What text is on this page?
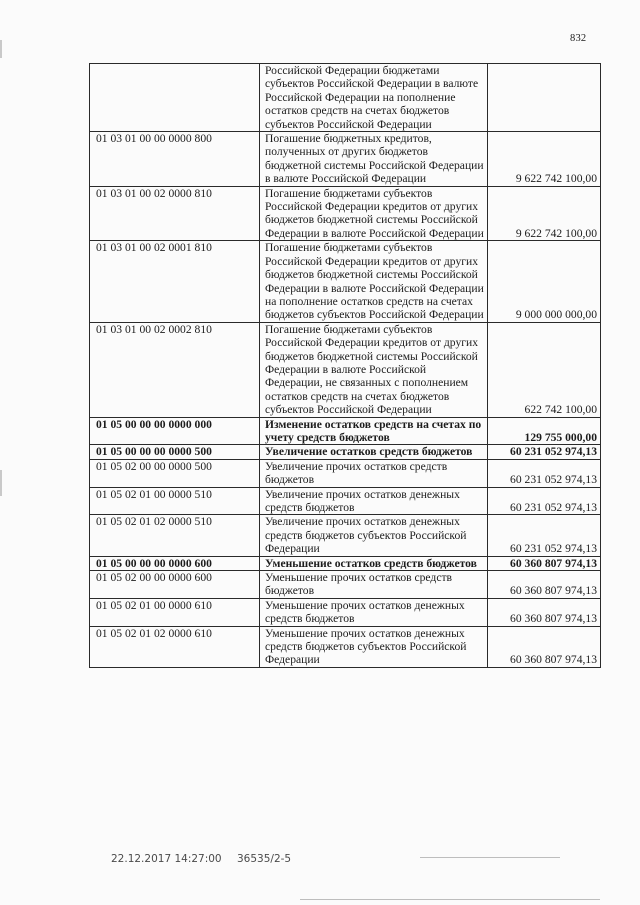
832
	Российской Федерации бюджетами субъектов Российской Федерации в валюте Российской Федерации на пополнение остатков средств на счетах бюджетов субъектов Российской Федерации	
01 03 01 00 00 0000 800	Погашение бюджетных кредитов, полученных от других бюджетов бюджетной системы Российской Федерации в валюте Российской Федерации	9 622 742 100,00
01 03 01 00 02 0000 810	Погашение бюджетами субъектов Российской Федерации кредитов от других бюджетов бюджетной системы Российской Федерации в валюте Российской Федерации	9 622 742 100,00
01 03 01 00 02 0001 810	Погашение бюджетами субъектов Российской Федерации кредитов от других бюджетов бюджетной системы Российской Федерации в валюте Российской Федерации на пополнение остатков средств на счетах бюджетов субъектов Российской Федерации	9 000 000 000,00
01 03 01 00 02 0002 810	Погашение бюджетами субъектов Российской Федерации кредитов от других бюджетов бюджетной системы Российской Федерации в валюте Российской Федерации, не связанных с пополнением остатков средств на счетах бюджетов субъектов Российской Федерации	622 742 100,00
01 05 00 00 00 0000 000	Изменение остатков средств на счетах по учету средств бюджетов	129 755 000,00
01 05 00 00 00 0000 500	Увеличение остатков средств бюджетов	60 231 052 974,13
01 05 02 00 00 0000 500	Увеличение прочих остатков средств бюджетов	60 231 052 974,13
01 05 02 01 00 0000 510	Увеличение прочих остатков денежных средств бюджетов	60 231 052 974,13
01 05 02 01 02 0000 510	Увеличение прочих остатков денежных средств бюджетов субъектов Российской Федерации	60 231 052 974,13
01 05 00 00 00 0000 600	Уменьшение остатков средств бюджетов	60 360 807 974,13
01 05 02 00 00 0000 600	Уменьшение прочих остатков средств бюджетов	60 360 807 974,13
01 05 02 01 00 0000 610	Уменьшение прочих остатков денежных средств бюджетов	60 360 807 974,13
01 05 02 01 02 0000 610	Уменьшение прочих остатков денежных средств бюджетов субъектов Российской Федерации	60 360 807 974,13
22.12.2017 14:27:00 36535/2-5
